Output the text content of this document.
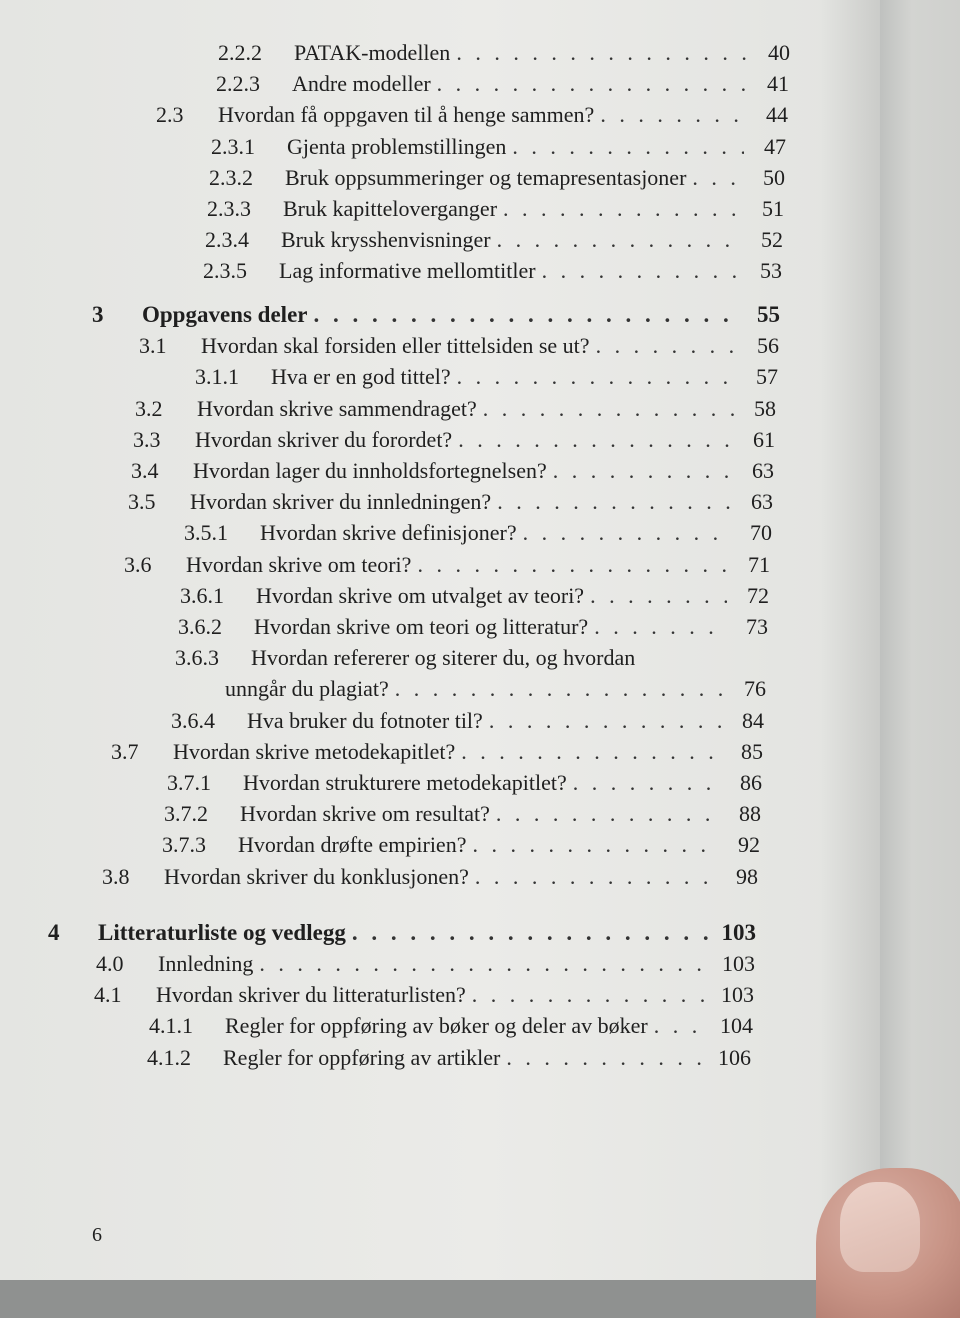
2.2.2	PATAK-modellen . . .	40
2.2.3	Andre modeller . . .	41
2.3	Hvordan få oppgaven til å henge sammen? . . .	44
2.3.1	Gjenta problemstillingen . . .	47
2.3.2	Bruk oppsummeringer og temapresentasjoner . . .	50
2.3.3	Bruk kapitteloverganger . . .	51
2.3.4	Bruk krysshenvisninger . . .	52
2.3.5	Lag informative mellomtitler . . .	53
3	Oppgavens deler . . .	55
3.1	Hvordan skal forsiden eller tittelsiden se ut? . . .	56
3.1.1	Hva er en god tittel? . . .	57
3.2	Hvordan skrive sammendraget? . . .	58
3.3	Hvordan skriver du forordet? . . .	61
3.4	Hvordan lager du innholdsfortegnelsen? . . .	63
3.5	Hvordan skriver du innledningen? . . .	63
3.5.1	Hvordan skrive definisjoner? . . .	70
3.6	Hvordan skrive om teori? . . .	71
3.6.1	Hvordan skrive om utvalget av teori? . . .	72
3.6.2	Hvordan skrive om teori og litteratur? . . .	73
3.6.3	Hvordan refererer og siterer du, og hvordan
unngår du plagiat? . . .	76
3.6.4	Hva bruker du fotnoter til? . . .	84
3.7	Hvordan skrive metodekapitlet? . . .	85
3.7.1	Hvordan strukturere metodekapitlet? . . .	86
3.7.2	Hvordan skrive om resultat? . . .	88
3.7.3	Hvordan drøfte empirien? . . .	92
3.8	Hvordan skriver du konklusjonen? . . .	98
4	Litteraturliste og vedlegg . . .	103
4.0	Innledning . . .	103
4.1	Hvordan skriver du litteraturlisten? . . .	103
4.1.1	Regler for oppføring av bøker og deler av bøker . . .	104
4.1.2	Regler for oppføring av artikler . . .	106
6
